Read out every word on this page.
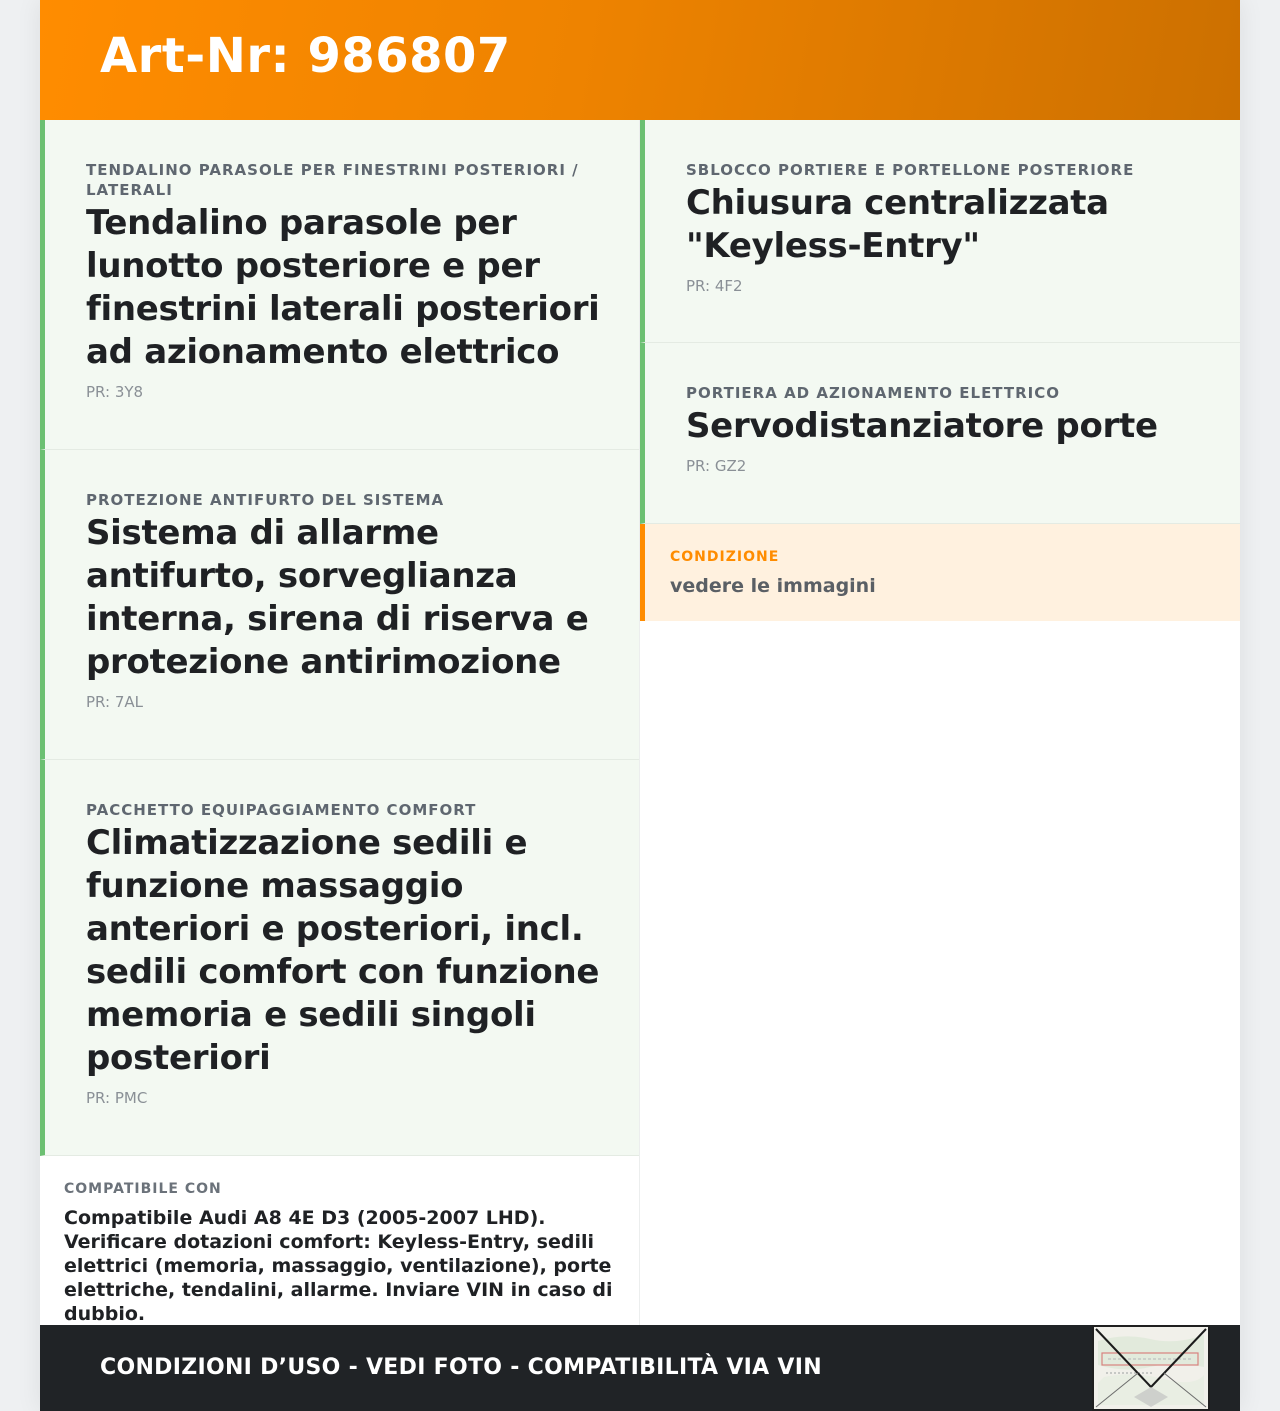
Art-Nr: 986807
TENDALINO PARASOLE PER FINESTRINI POSTERIORI / LATERALI
Tendalino parasole per lunotto posteriore e per finestrini laterali posteriori ad azionamento elettrico
PR: 3Y8
PROTEZIONE ANTIFURTO DEL SISTEMA
Sistema di allarme antifurto, sorveglianza interna, sirena di riserva e protezione antirimozione
PR: 7AL
PACCHETTO EQUIPAGGIAMENTO COMFORT
Climatizzazione sedili e funzione massaggio anteriori e posteriori, incl. sedili comfort con funzione memoria e sedili singoli posteriori
PR: PMC
SBLOCCO PORTIERE E PORTELLONE POSTERIORE
Chiusura centralizzata "Keyless-Entry"
PR: 4F2
PORTIERA AD AZIONAMENTO ELETTRICO
Servodistanziatore porte
PR: GZ2
CONDIZIONE
vedere le immagini
COMPATIBILE CON
Compatibile Audi A8 4E D3 (2005-2007 LHD). Verificare dotazioni comfort: Keyless-Entry, sedili elettrici (memoria, massaggio, ventilazione), porte elettriche, tendalini, allarme. Inviare VIN in caso di dubbio.
CONDIZIONI D’USO - VEDI FOTO - COMPATIBILITÀ VIA VIN
